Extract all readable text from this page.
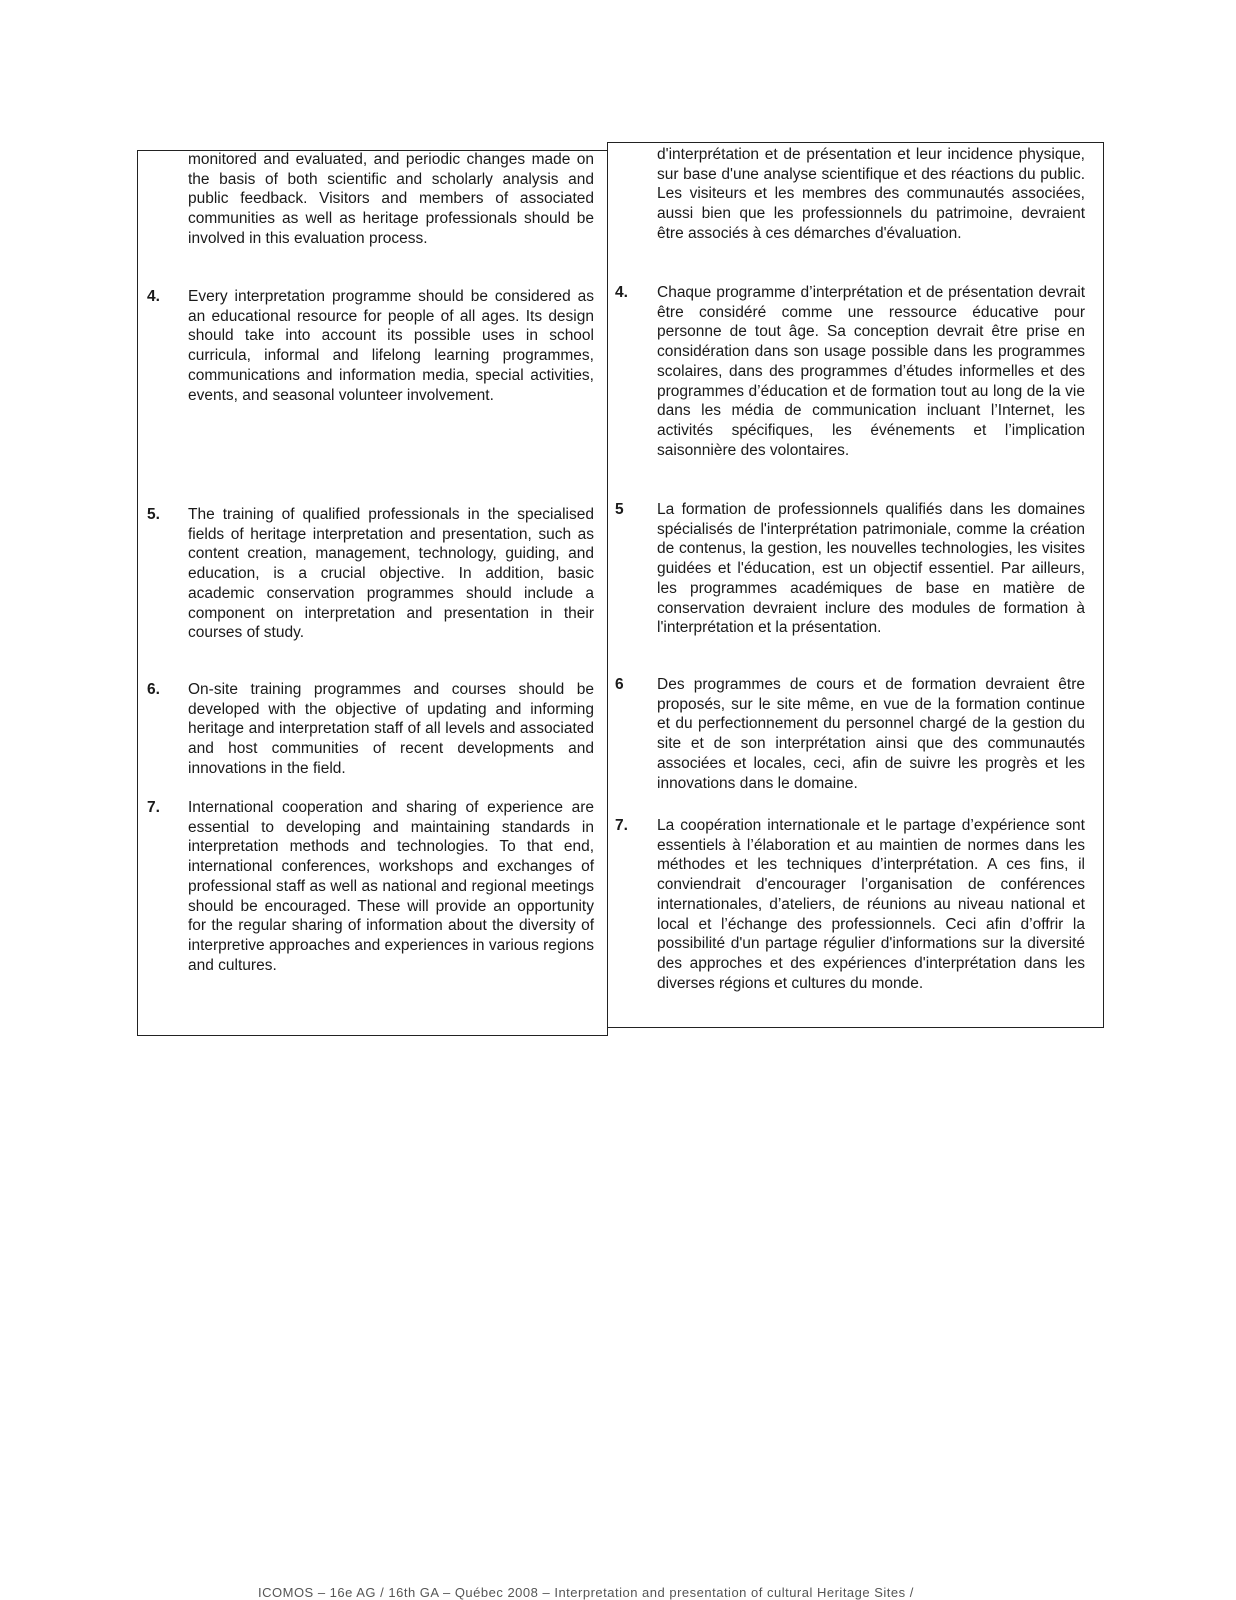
monitored and evaluated, and periodic changes made on the basis of both scientific and scholarly analysis and public feedback. Visitors and members of associated communities as well as heritage professionals should be involved in this evaluation process.

4. Every interpretation programme should be considered as an educational resource for people of all ages. Its design should take into account its possible uses in school curricula, informal and lifelong learning programmes, communications and information media, special activities, events, and seasonal volunteer involvement.

5. The training of qualified professionals in the specialised fields of heritage interpretation and presentation, such as content creation, management, technology, guiding, and education, is a crucial objective. In addition, basic academic conservation programmes should include a component on interpretation and presentation in their courses of study.

6. On-site training programmes and courses should be developed with the objective of updating and informing heritage and interpretation staff of all levels and associated and host communities of recent developments and innovations in the field.

7. International cooperation and sharing of experience are essential to developing and maintaining standards in interpretation methods and technologies. To that end, international conferences, workshops and exchanges of professional staff as well as national and regional meetings should be encouraged. These will provide an opportunity for the regular sharing of information about the diversity of interpretive approaches and experiences in various regions and cultures.

d'interprétation et de présentation et leur incidence physique, sur base d'une analyse scientifique et des réactions du public. Les visiteurs et les membres des communautés associées, aussi bien que les professionnels du patrimoine, devraient être associés à ces démarches d'évaluation.

4. Chaque programme d’interprétation et de présentation devrait être considéré comme une ressource éducative pour personne de tout âge. Sa conception devrait être prise en considération dans son usage possible dans les programmes scolaires, dans des programmes d’études informelles et des programmes d’éducation et de formation tout au long de la vie dans les média de communication incluant l’Internet, les activités spécifiques, les événements et l’implication saisonnière des volontaires.

5 La formation de professionnels qualifiés dans les domaines spécialisés de l'interprétation patrimoniale, comme la création de contenus, la gestion, les nouvelles technologies, les visites guidées et l'éducation, est un objectif essentiel. Par ailleurs, les programmes académiques de base en matière de conservation devraient inclure des modules de formation à l'interprétation et la présentation.

6 Des programmes de cours et de formation devraient être proposés, sur le site même, en vue de la formation continue et du perfectionnement du personnel chargé de la gestion du site et de son interprétation ainsi que des communautés associées et locales, ceci, afin de suivre les progrès et les innovations dans le domaine.

7. La coopération internationale et le partage d’expérience sont essentiels à l’élaboration et au maintien de normes dans les méthodes et les techniques d’interprétation. A ces fins, il conviendrait d'encourager l’organisation de conférences internationales, d’ateliers, de réunions au niveau national et local et l’échange des professionnels. Ceci afin d’offrir la possibilité d'un partage régulier d'informations sur la diversité des approches et des expériences d'interprétation dans les diverses régions et cultures du monde.

ICOMOS – 16e AG / 16th GA – Québec 2008 – Interpretation and presentation of cultural Heritage Sites /
